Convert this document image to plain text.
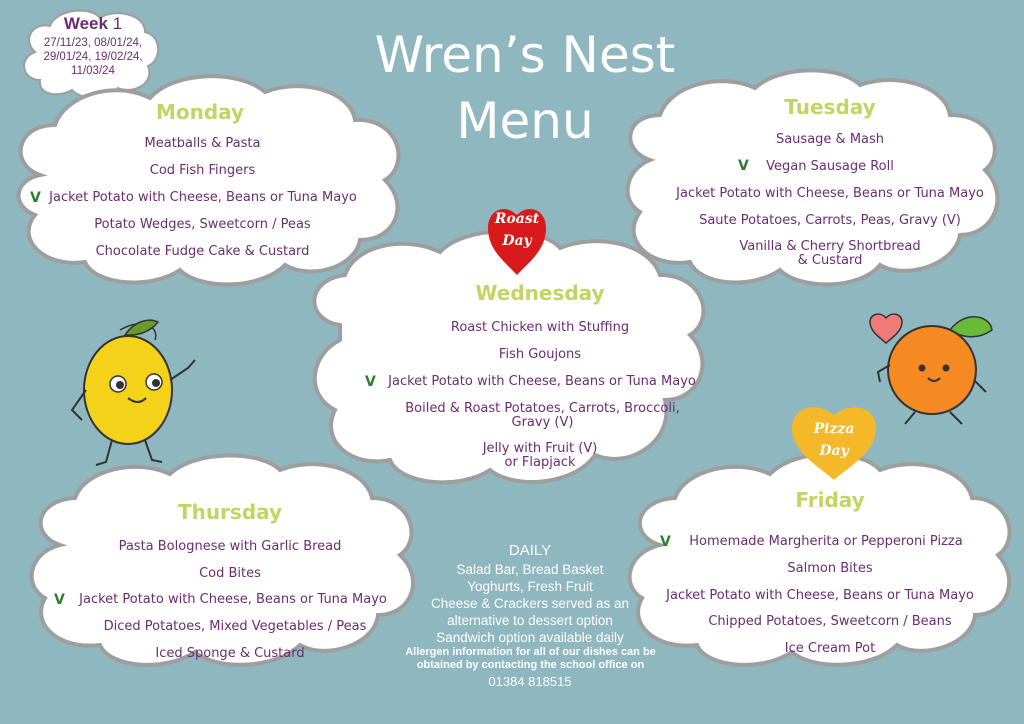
Wren’s Nest
Menu
Week 1
27/11/23, 08/01/24,
29/01/24, 19/02/24,
11/03/24
Monday
Meatballs & Pasta
Cod Fish Fingers
V Jacket Potato with Cheese, Beans or Tuna Mayo
Potato Wedges, Sweetcorn / Peas
Chocolate Fudge Cake & Custard
Tuesday
Sausage & Mash
V	Vegan Sausage Roll
Jacket Potato with Cheese, Beans or Tuna Mayo
Saute Potatoes, Carrots, Peas, Gravy (V)
Vanilla & Cherry Shortbread
& Custard
Roast
Day
Wednesday
Roast Chicken with Stuffing
Fish Goujons
V Jacket Potato with Cheese, Beans or Tuna Mayo
Boiled & Roast Potatoes, Carrots, Broccoli,
Gravy (V)
Jelly with Fruit (V)
or Flapjack
Pizza
Day
Thursday
Pasta Bolognese with Garlic Bread
Cod Bites
V	Jacket Potato with Cheese, Beans or Tuna Mayo
Diced Potatoes, Mixed Vegetables / Peas
Iced Sponge & Custard
DAILY
Salad Bar, Bread Basket
Yoghurts, Fresh Fruit
Cheese & Crackers served as an
alternative to dessert option
Sandwich option available daily
Allergen information for all of our dishes can be
obtained by contacting the school office on
01384 818515
Friday
V	Homemade Margherita or Pepperoni Pizza
Salmon Bites
Jacket Potato with Cheese, Beans or Tuna Mayo
Chipped Potatoes, Sweetcorn / Beans
Ice Cream Pot
